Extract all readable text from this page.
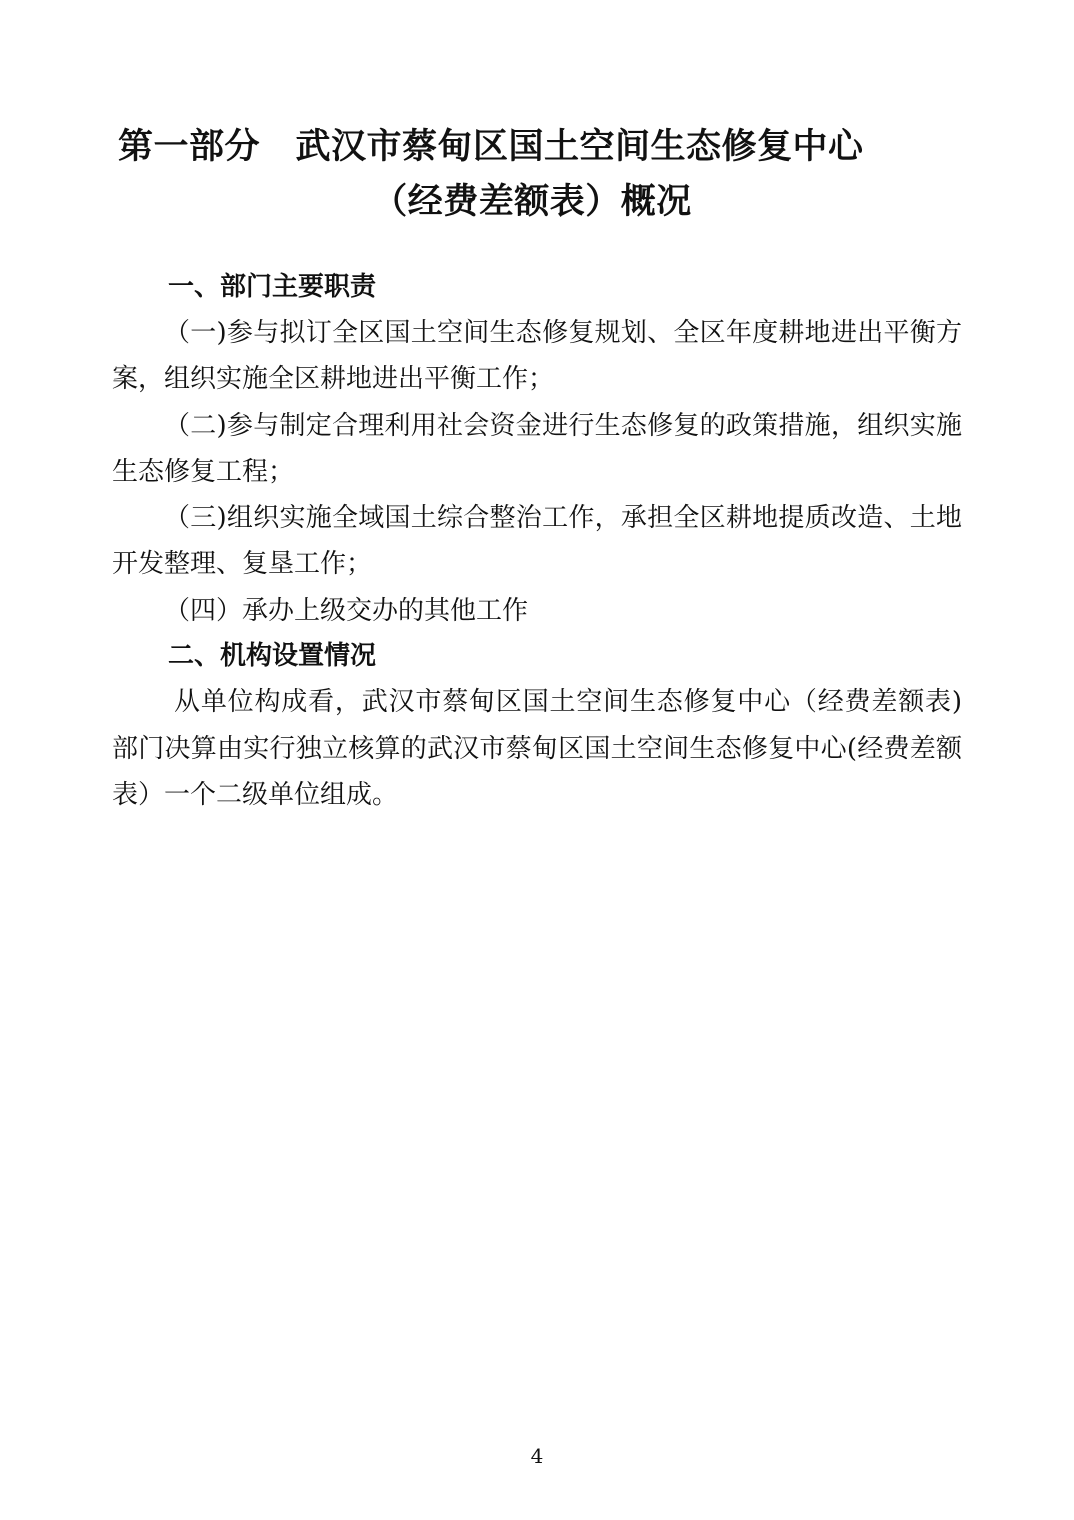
第一部分　武汉市蔡甸区国土空间生态修复中心
（经费差额表）概况
一、部门主要职责

（一)参与拟订全区国土空间生态修复规划、全区年度耕地进出平衡方案，组织实施全区耕地进出平衡工作；

（二)参与制定合理利用社会资金进行生态修复的政策措施，组织实施生态修复工程；

（三)组织实施全域国土综合整治工作，承担全区耕地提质改造、土地开发整理、复垦工作；

（四）承办上级交办的其他工作

二、机构设置情况

从单位构成看，武汉市蔡甸区国土空间生态修复中心（经费差额表)部门决算由实行独立核算的武汉市蔡甸区国土空间生态修复中心(经费差额表）一个二级单位组成。

4
